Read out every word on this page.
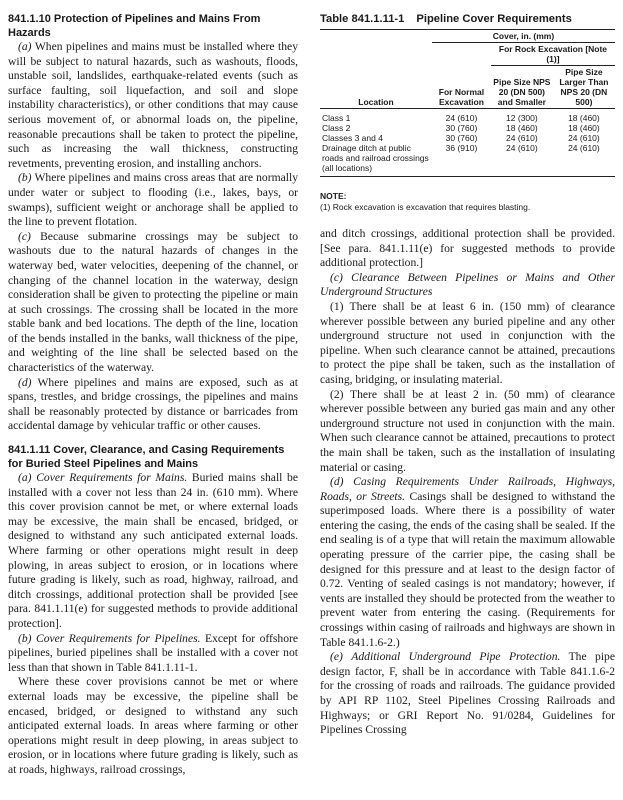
841.1.10 Protection of Pipelines and Mains From Hazards

(a) When pipelines and mains must be installed where they will be subject to natural hazards, such as washouts, floods, unstable soil, landslides, earthquake-related events (such as surface faulting, soil liquefaction, and soil and slope instability characteristics), or other conditions that may cause serious movement of, or abnormal loads on, the pipeline, reasonable precautions shall be taken to protect the pipeline, such as increasing the wall thickness, constructing revetments, preventing erosion, and installing anchors.

(b) Where pipelines and mains cross areas that are normally under water or subject to flooding (i.e., lakes, bays, or swamps), sufficient weight or anchorage shall be applied to the line to prevent flotation.

(c) Because submarine crossings may be subject to washouts due to the natural hazards of changes in the waterway bed, water velocities, deepening of the channel, or changing of the channel location in the waterway, design consideration shall be given to protecting the pipeline or main at such crossings. The crossing shall be located in the more stable bank and bed locations. The depth of the line, location of the bends installed in the banks, wall thickness of the pipe, and weighting of the line shall be selected based on the characteristics of the waterway.

(d) Where pipelines and mains are exposed, such as at spans, trestles, and bridge crossings, the pipelines and mains shall be reasonably protected by distance or barricades from accidental damage by vehicular traffic or other causes.

841.1.11 Cover, Clearance, and Casing Requirements for Buried Steel Pipelines and Mains

(a) Cover Requirements for Mains. Buried mains shall be installed with a cover not less than 24 in. (610 mm). Where this cover provision cannot be met, or where external loads may be excessive, the main shall be encased, bridged, or designed to withstand any such anticipated external loads. Where farming or other operations might result in deep plowing, in areas subject to erosion, or in locations where future grading is likely, such as road, highway, railroad, and ditch crossings, additional protection shall be provided [see para. 841.1.11(e) for suggested methods to provide additional protection].

(b) Cover Requirements for Pipelines. Except for offshore pipelines, buried pipelines shall be installed with a cover not less than that shown in Table 841.1.11-1.

Where these cover provisions cannot be met or where external loads may be excessive, the pipeline shall be encased, bridged, or designed to withstand any such anticipated external loads. In areas where farming or other operations might result in deep plowing, in areas subject to erosion, or in locations where future grading is likely, such as at roads, highways, railroad crossings,

Table 841.1.11-1 Pipeline Cover Requirements

	Cover, in. (mm)		
		For Rock Excavation [Note (1)]	
Location	For Normal Excavation	Pipe Size NPS 20 (DN 500) and Smaller	Pipe Size Larger Than NPS 20 (DN 500)

Class 1	24 (610)	12 (300)	18 (460)
Class 2	30 (760)	18 (460)	18 (460)
Classes 3 and 4	30 (760)	24 (610)	24 (610)
Drainage ditch at public roads and railroad crossings (all locations)	36 (910)	24 (610)	24 (610)
NOTE:
(1) Rock excavation is excavation that requires blasting.

and ditch crossings, additional protection shall be provided. [See para. 841.1.11(e) for suggested methods to provide additional protection.]

(c) Clearance Between Pipelines or Mains and Other Underground Structures

(1) There shall be at least 6 in. (150 mm) of clearance wherever possible between any buried pipeline and any other underground structure not used in conjunction with the pipeline. When such clearance cannot be attained, precautions to protect the pipe shall be taken, such as the installation of casing, bridging, or insulating material.

(2) There shall be at least 2 in. (50 mm) of clearance wherever possible between any buried gas main and any other underground structure not used in conjunction with the main. When such clearance cannot be attained, precautions to protect the main shall be taken, such as the installation of insulating material or casing.

(d) Casing Requirements Under Railroads, Highways, Roads, or Streets. Casings shall be designed to withstand the superimposed loads. Where there is a possibility of water entering the casing, the ends of the casing shall be sealed. If the end sealing is of a type that will retain the maximum allowable operating pressure of the carrier pipe, the casing shall be designed for this pressure and at least to the design factor of 0.72. Venting of sealed casings is not mandatory; however, if vents are installed they should be protected from the weather to prevent water from entering the casing. (Requirements for crossings within casing of railroads and highways are shown in Table 841.1.6-2.)

(e) Additional Underground Pipe Protection. The pipe design factor, F, shall be in accordance with Table 841.1.6-2 for the crossing of roads and railroads. The guidance provided by API RP 1102, Steel Pipelines Crossing Railroads and Highways; or GRI Report No. 91/0284, Guidelines for Pipelines Crossing
